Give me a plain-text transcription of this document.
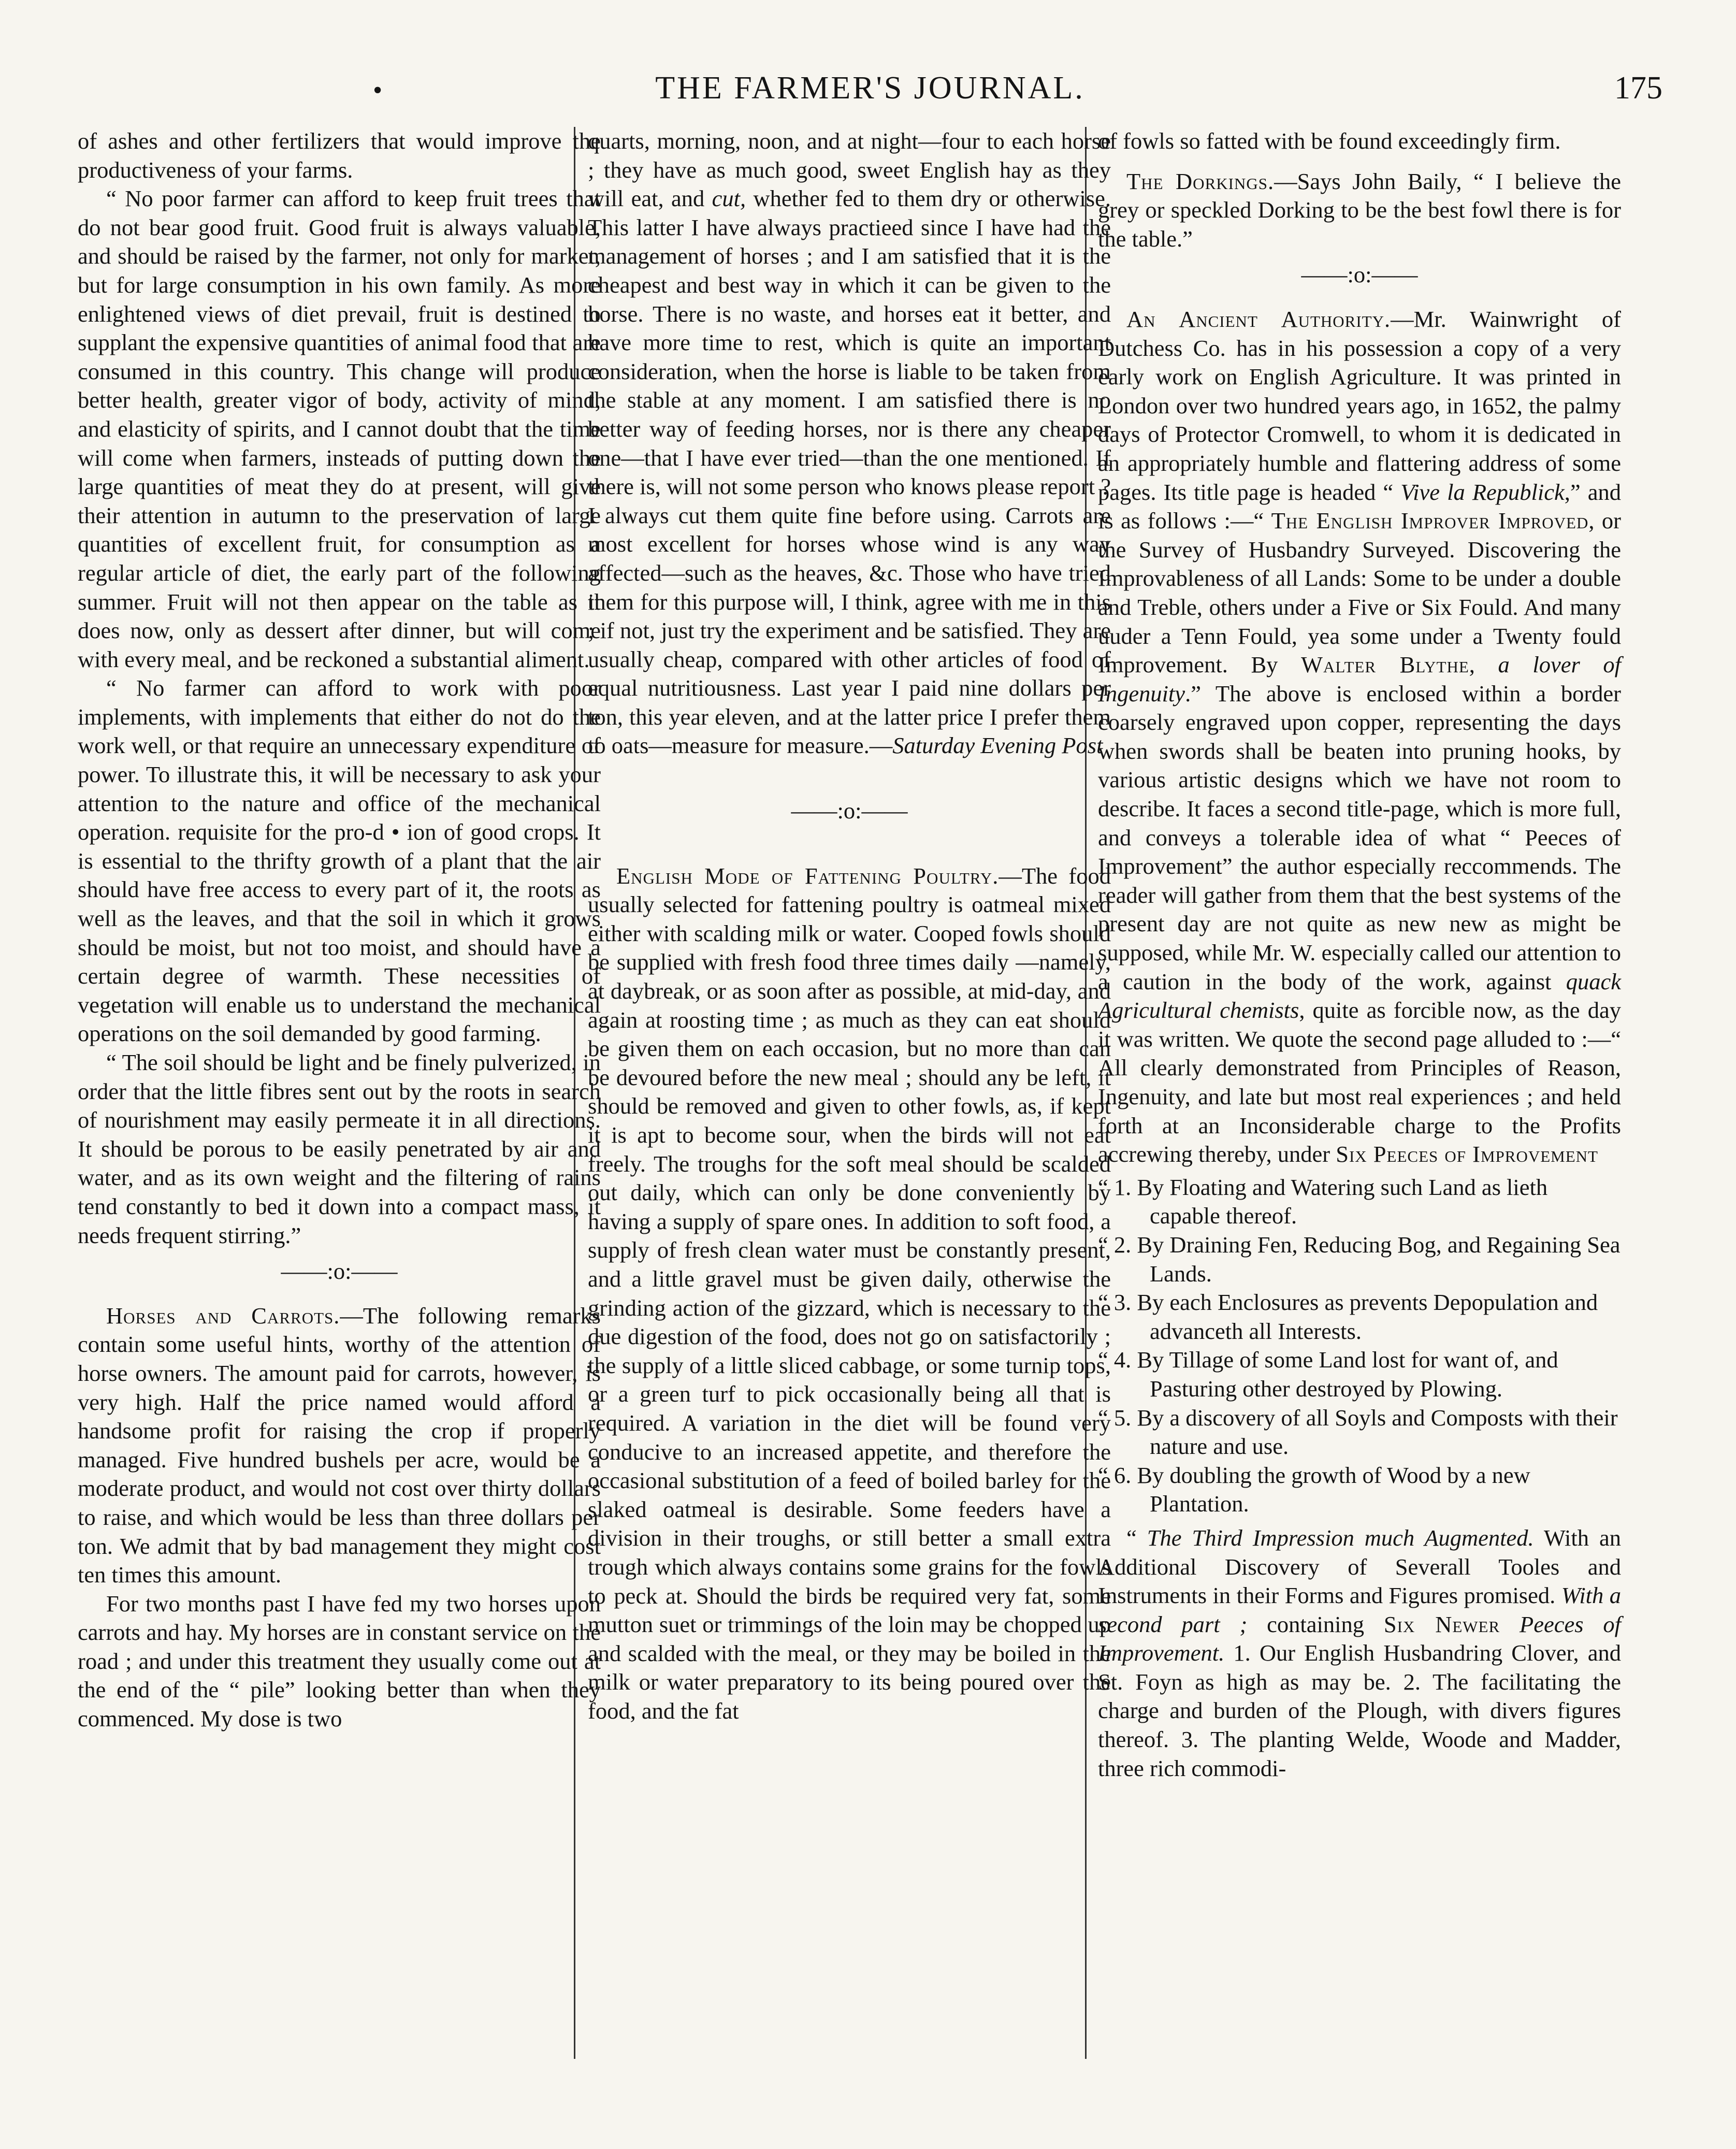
•	THE FARMER'S JOURNAL.	175

of ashes and other fertilizers that would improve the productiveness of your farms.

“ No poor farmer can afford to keep fruit trees that do not bear good fruit. Good fruit is always valuable, and should be raised by the farmer, not only for market, but for large consumption in his own family. As more enlightened views of diet prevail, fruit is destined to supplant the expensive quantities of animal food that are consumed in this country. This change will produce better health, greater vigor of body, activity of mind, and elasticity of spirits, and I cannot doubt that the time will come when farmers, insteads of putting down the large quantities of meat they do at present, will give their attention in autumn to the preservation of large quantities of excellent fruit, for consumption as a regular article of diet, the early part of the following summer. Fruit will not then appear on the table as it does now, only as dessert after dinner, but will come with every meal, and be reckoned a substantial aliment.

“ No farmer can afford to work with poor implements, with implements that either do not do the work well, or that require an unnecessary expenditure of power. To illustrate this, it will be necessary to ask your attention to the nature and office of the mechanical operation. requisite for the pro-d • ion of good crops. It is essential to the thrifty growth of a plant that the air should have free access to every part of it, the roots as well as the leaves, and that the soil in which it grows should be moist, but not too moist, and should have a certain degree of warmth. These necessities of vegetation will enable us to understand the mechanical operations on the soil demanded by good farming.

“ The soil should be light and be finely pulverized, in order that the little fibres sent out by the roots in search of nourishment may easily permeate it in all directions. It should be porous to be easily penetrated by air and water, and as its own weight and the filtering of rains tend constantly to bed it down into a compact mass, it needs frequent stirring.”

——:o:——

Horses and Carrots.—The following remarks contain some useful hints, worthy of the attention of horse owners. The amount paid for carrots, however, is very high. Half the price named would afford a handsome profit for raising the crop if properly managed. Five hundred bushels per acre, would be a moderate product, and would not cost over thirty dollars to raise, and which would be less than three dollars per ton. We admit that by bad management they might cost ten times this amount.

For two months past I have fed my two horses upon carrots and hay. My horses are in constant service on the road ; and under this treatment they usually come out at the end of the “ pile” looking better than when they commenced. My dose is two

quarts, morning, noon, and at night—four to each horse ; they have as much good, sweet English hay as they will eat, and cut, whether fed to them dry or otherwise. This latter I have always practieed since I have had the management of horses ; and I am satisfied that it is the cheapest and best way in which it can be given to the horse. There is no waste, and horses eat it better, and have more time to rest, which is quite an important consideration, when the horse is liable to be taken from the stable at any moment. I am satisfied there is no better way of feeding horses, nor is there any cheaper one—that I have ever tried—than the one mentioned. If there is, will not some person who knows please report ? I always cut them quite fine before using. Carrots are most excellent for horses whose wind is any way affected—such as the heaves, &c. Those who have tried them for this purpose will, I think, agree with me in this ; if not, just try the experiment and be satisfied. They are usually cheap, compared with other articles of food of equal nutritiousness. Last year I paid nine dollars per ton, this year eleven, and at the latter price I prefer them to oats—measure for measure.—Saturday Evening Post

——:o:——

English Mode of Fattening Poultry.—The food usually selected for fattening poultry is oatmeal mixed either with scalding milk or water. Cooped fowls should be supplied with fresh food three times daily —namely, at daybreak, or as soon after as possible, at mid-day, and again at roosting time ; as much as they can eat should be given them on each occasion, but no more than can be devoured before the new meal ; should any be left, it should be removed and given to other fowls, as, if kept it is apt to become sour, when the birds will not eat freely. The troughs for the soft meal should be scalded out daily, which can only be done conveniently by having a supply of spare ones. In addition to soft food, a supply of fresh clean water must be constantly present, and a little gravel must be given daily, otherwise the grinding action of the gizzard, which is necessary to the due digestion of the food, does not go on satisfactorily ; the supply of a little sliced cabbage, or some turnip tops, or a green turf to pick occasionally being all that is required. A variation in the diet will be found very conducive to an increased appetite, and therefore the occasional substitution of a feed of boiled barley for the slaked oatmeal is desirable. Some feeders have a division in their troughs, or still better a small extra trough which always contains some grains for the fowls to peck at. Should the birds be required very fat, some mutton suet or trimmings of the loin may be chopped up and scalded with the meal, or they may be boiled in the milk or water preparatory to its being poured over the food, and the fat

of fowls so fatted with be found exceedingly firm.

The Dorkings.—Says John Baily, “ I believe the grey or speckled Dorking to be the best fowl there is for the table.”

——:o:——

An Ancient Authority.—Mr. Wainwright of Dutchess Co. has in his possession a copy of a very early work on English Agriculture. It was printed in London over two hundred years ago, in 1652, the palmy days of Protector Cromwell, to whom it is dedicated in an appropriately humble and flattering address of some pages. Its title page is headed “ Vive la Republick,” and is as follows :—“ The English Improver Improved, or the Survey of Husbandry Surveyed. Discovering the Improvableness of all Lands: Some to be under a double and Treble, others under a Five or Six Fould. And many uuder a Tenn Fould, yea some under a Twenty fould Improvement. By Walter Blythe, a lover of Ingenuity.” The above is enclosed within a border coarsely engraved upon copper, representing the days when swords shall be beaten into pruning hooks, by various artistic designs which we have not room to describe. It faces a second title-page, which is more full, and conveys a tolerable idea of what “ Peeces of Improvement” the author especially reccommends. The reader will gather from them that the best systems of the present day are not quite as new new as might be supposed, while Mr. W. especially called our attention to a caution in the body of the work, against quack Agricultural chemists, quite as forcible now, as the day it was written. We quote the second page alluded to :—“ All clearly demonstrated from Principles of Reason, Ingenuity, and late but most real experiences ; and held forth at an Inconsiderable charge to the Profits accrewing thereby, under Six Peeces of Improvement

“ 1. By Floating and Watering such Land as lieth capable thereof.
“ 2. By Draining Fen, Reducing Bog, and Regaining Sea Lands.
“ 3. By each Enclosures as prevents Depopulation and advanceth all Interests.
“ 4. By Tillage of some Land lost for want of, and Pasturing other destroyed by Plowing.
“ 5. By a discovery of all Soyls and Composts with their nature and use.
“ 6. By doubling the growth of Wood by a new Plantation.

“ The Third Impression much Augmented. With an Additional Discovery of Severall Tooles and Instruments in their Forms and Figures promised. With a second part ; containing Six Newer Peeces of Improvement. 1. Our English Husbandring Clover, and St. Foyn as high as may be. 2. The facilitating the charge and burden of the Plough, with divers figures thereof. 3. The planting Welde, Woode and Madder, three rich commodi-
